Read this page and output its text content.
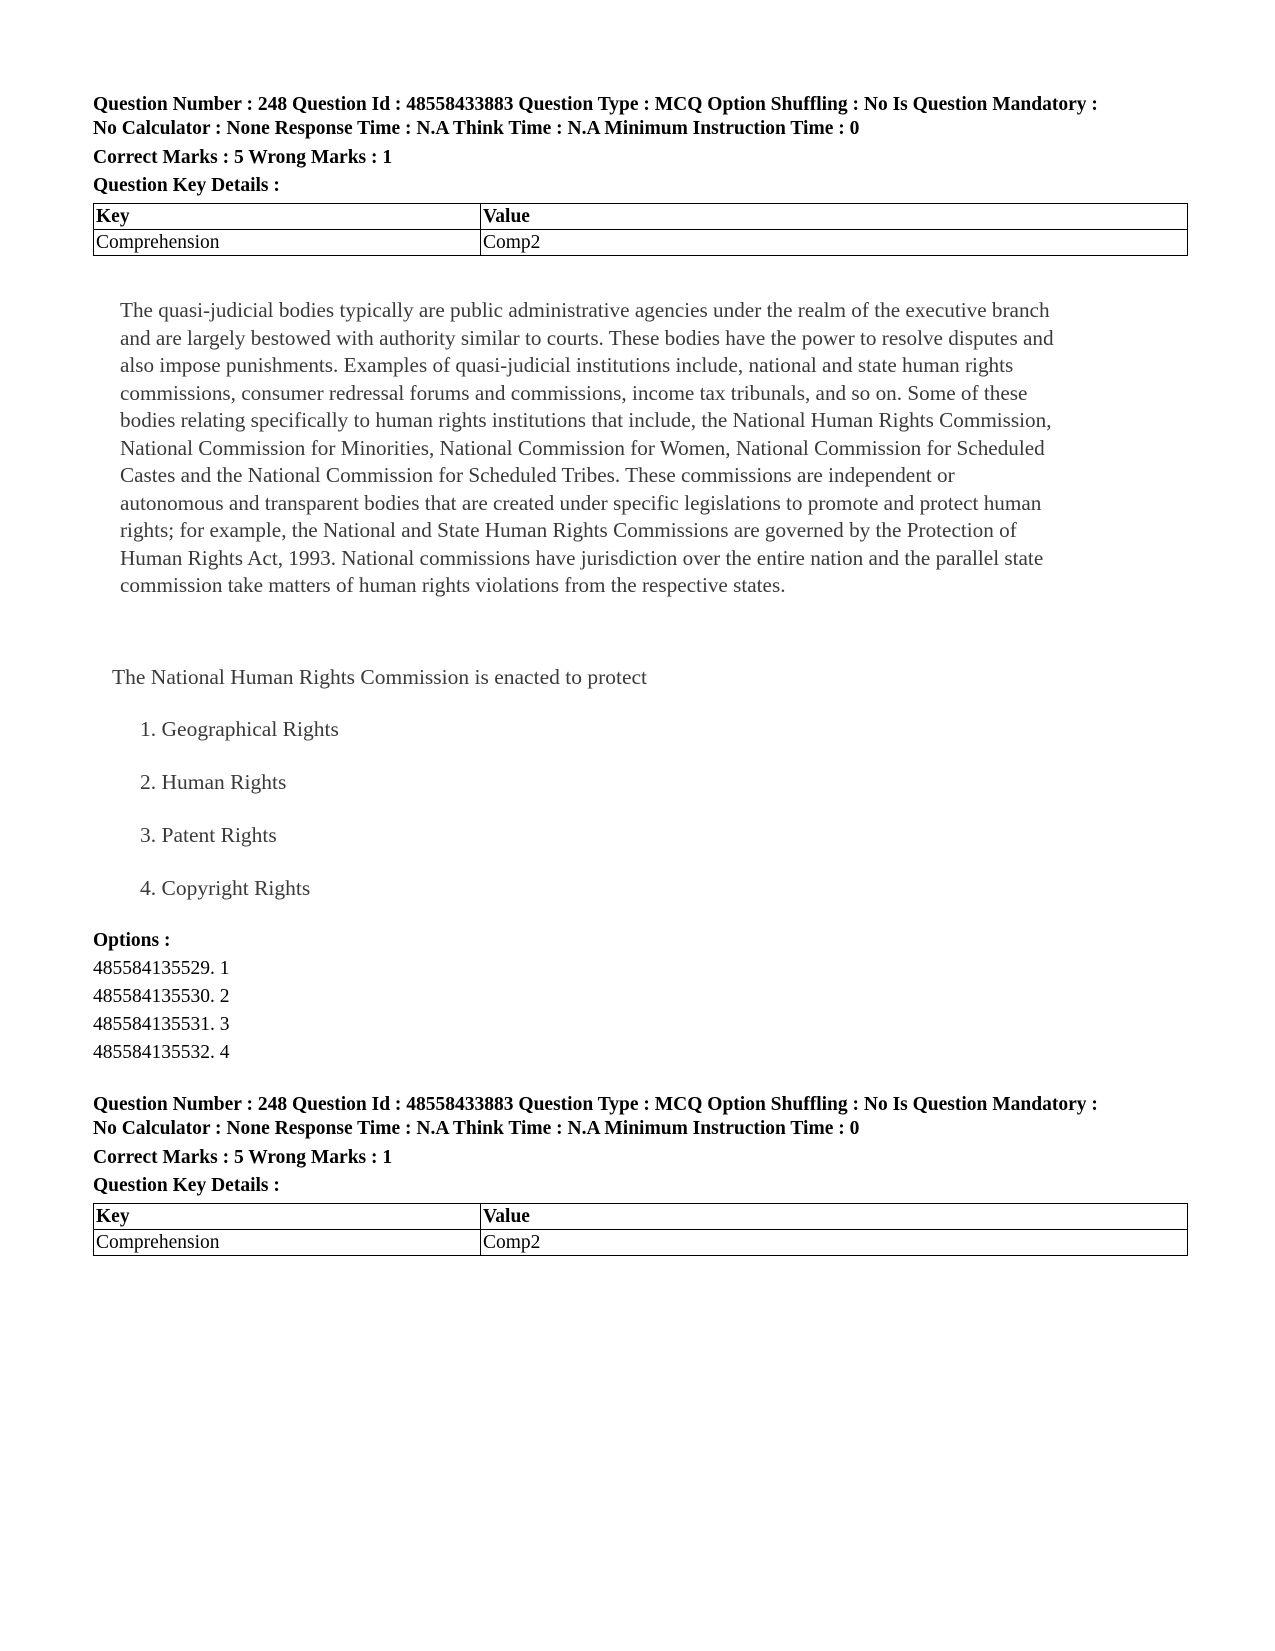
Question Number : 248 Question Id : 48558433883 Question Type : MCQ Option Shuffling : No Is Question Mandatory :
No Calculator : None Response Time : N.A Think Time : N.A Minimum Instruction Time : 0
Correct Marks : 5 Wrong Marks : 1
Question Key Details :
Key	Value
Comprehension	Comp2
The quasi-judicial bodies typically are public administrative agencies under the realm of the executive branch
and are largely bestowed with authority similar to courts. These bodies have the power to resolve disputes and
also impose punishments. Examples of quasi-judicial institutions include, national and state human rights
commissions, consumer redressal forums and commissions, income tax tribunals, and so on. Some of these
bodies relating specifically to human rights institutions that include, the National Human Rights Commission,
National Commission for Minorities, National Commission for Women, National Commission for Scheduled
Castes and the National Commission for Scheduled Tribes. These commissions are independent or
autonomous and transparent bodies that are created under specific legislations to promote and protect human
rights; for example, the National and State Human Rights Commissions are governed by the Protection of
Human Rights Act, 1993. National commissions have jurisdiction over the entire nation and the parallel state
commission take matters of human rights violations from the respective states.
The National Human Rights Commission is enacted to protect
1. Geographical Rights
2. Human Rights
3. Patent Rights
4. Copyright Rights
Options :
485584135529. 1
485584135530. 2
485584135531. 3
485584135532. 4
Question Number : 248 Question Id : 48558433883 Question Type : MCQ Option Shuffling : No Is Question Mandatory :
No Calculator : None Response Time : N.A Think Time : N.A Minimum Instruction Time : 0
Correct Marks : 5 Wrong Marks : 1
Question Key Details :
Key	Value
Comprehension	Comp2
